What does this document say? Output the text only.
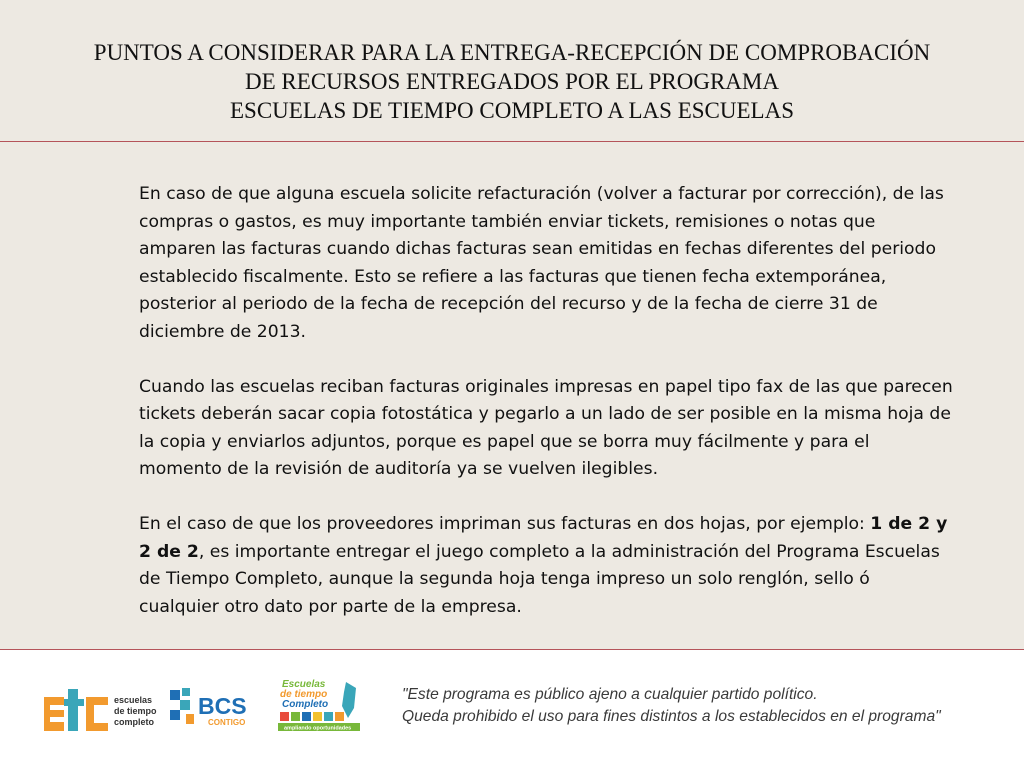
PUNTOS A CONSIDERAR PARA LA ENTREGA-RECEPCIÓN DE COMPROBACIÓN
DE RECURSOS ENTREGADOS POR EL PROGRAMA
ESCUELAS DE TIEMPO COMPLETO A LAS ESCUELAS

En caso de que alguna escuela solicite refacturación (volver a facturar por corrección), de las compras o gastos, es muy importante también enviar tickets, remisiones o notas que amparen las facturas cuando dichas facturas sean emitidas en fechas diferentes del periodo establecido fiscalmente. Esto se refiere a las facturas que tienen fecha extemporánea, posterior al periodo de la fecha de recepción del recurso y de la fecha de cierre 31 de diciembre de 2013.

Cuando las escuelas reciban facturas originales impresas en papel tipo fax de las que parecen tickets deberán sacar copia fotostática y pegarlo a un lado de ser posible en la misma hoja de la copia y enviarlos adjuntos, porque es papel que se borra muy fácilmente y para el momento de la revisión de auditoría ya se vuelven ilegibles.

En el caso de que los proveedores impriman sus facturas en dos hojas, por ejemplo: 1 de 2 y 2 de 2, es importante entregar el juego completo a la administración del Programa Escuelas de Tiempo Completo, aunque la segunda hoja tenga impreso un solo renglón, sello ó cualquier otro dato por parte de la empresa.

escuelas
de tiempo
completo
BCS
CONTIGO
Escuelas
de tiempo
Completo
ampliando oportunidades
"Este programa es público ajeno a cualquier partido político.
Queda prohibido el uso para fines distintos a los establecidos en el programa"
